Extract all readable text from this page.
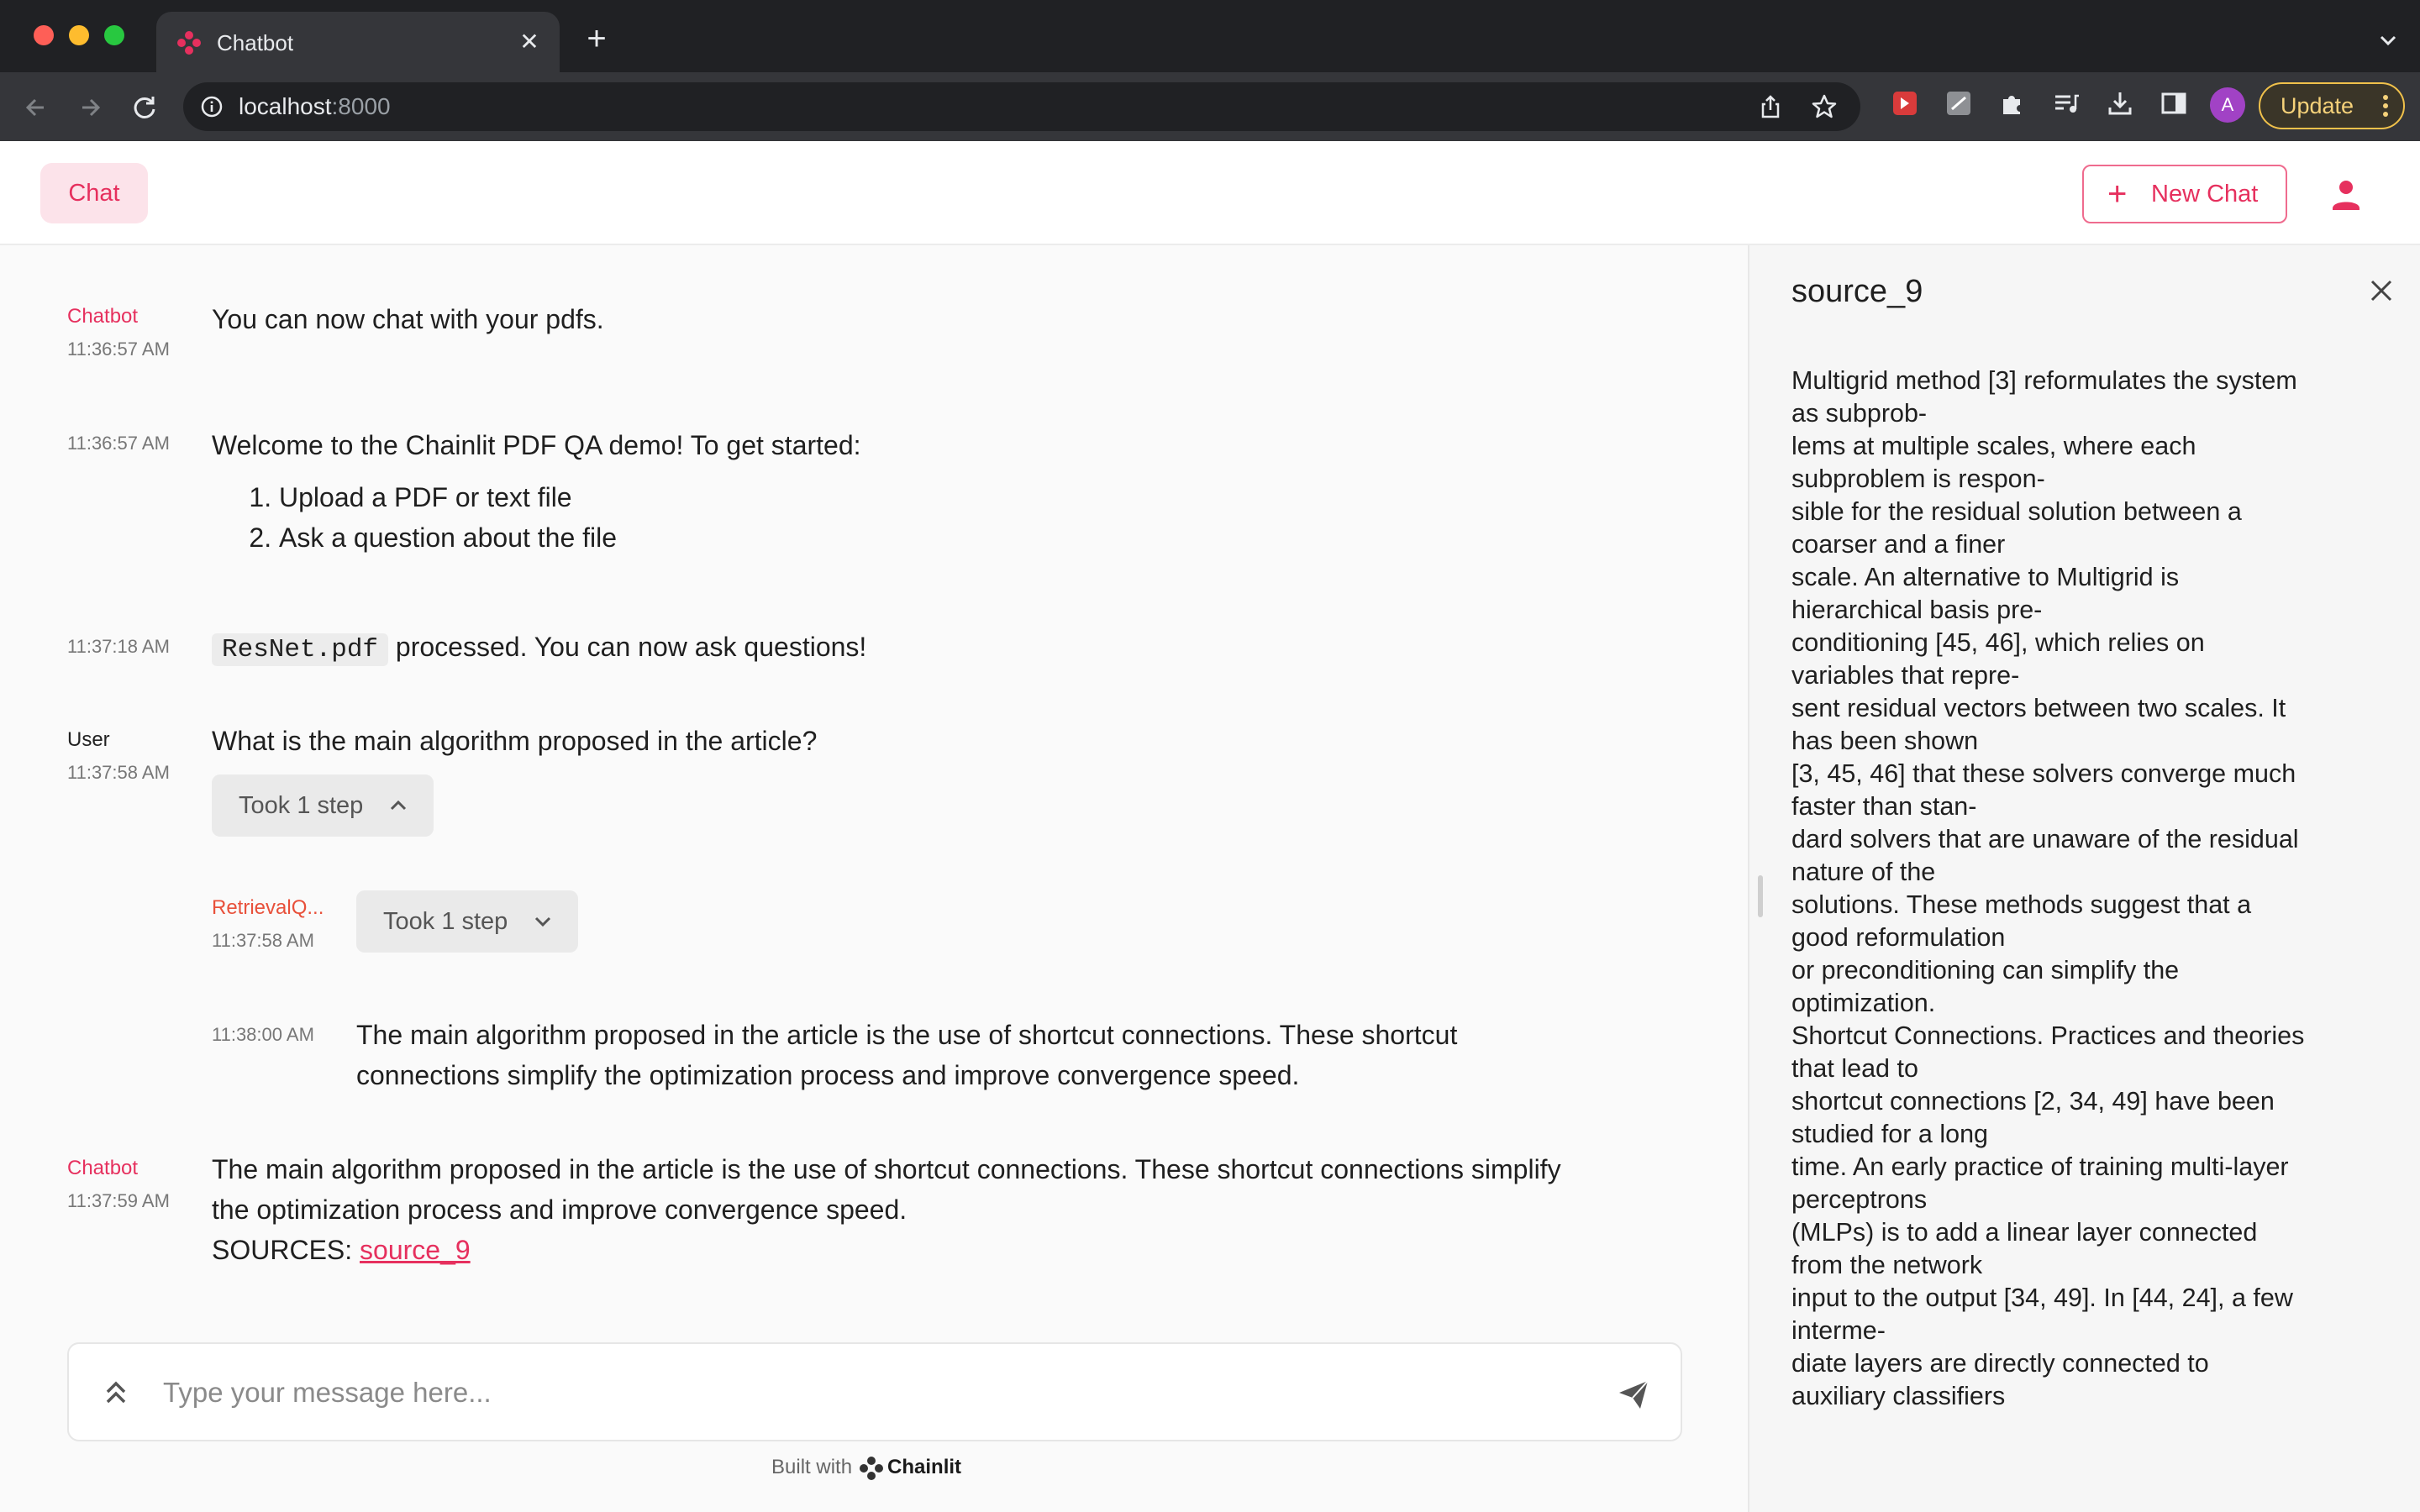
Chatbot	✕ +
localhost:8000	A	Update
Chat	+ New Chat
Chatbot
11:36:57 AM
You can now chat with your pdfs.
11:36:57 AM Welcome to the Chainlit PDF QA demo! To get started:
1. Upload a PDF or text file
2. Ask a question about the file
11:37:18 AM	ResNet.pdf processed. You can now ask questions!
User
11:37:58 AM
What is the main algorithm proposed in the article?
Took 1 step
RetrievalQ...
11:37:58 AM
Took 1 step
11:38:00 AM The main algorithm proposed in the article is the use of shortcut connections. These shortcut
connections simplify the optimization process and improve convergence speed.
Chatbot
11:37:59 AM
The main algorithm proposed in the article is the use of shortcut connections. These shortcut connections simplify
the optimization process and improve convergence speed.
SOURCES: source_9
Type your message here...
Built with Chainlit
source_9
Multigrid method [3] reformulates the system
as subprob-
lems at multiple scales, where each
subproblem is respon-
sible for the residual solution between a
coarser and a finer
scale. An alternative to Multigrid is
hierarchical basis pre-
conditioning [45, 46], which relies on
variables that repre-
sent residual vectors between two scales. It
has been shown
[3, 45, 46] that these solvers converge much
faster than stan-
dard solvers that are unaware of the residual
nature of the
solutions. These methods suggest that a
good reformulation
or preconditioning can simplify the
optimization.
Shortcut Connections. Practices and theories
that lead to
shortcut connections [2, 34, 49] have been
studied for a long
time. An early practice of training multi-layer
perceptrons
(MLPs) is to add a linear layer connected
from the network
input to the output [34, 49]. In [44, 24], a few
interme-
diate layers are directly connected to
auxiliary classifiers
